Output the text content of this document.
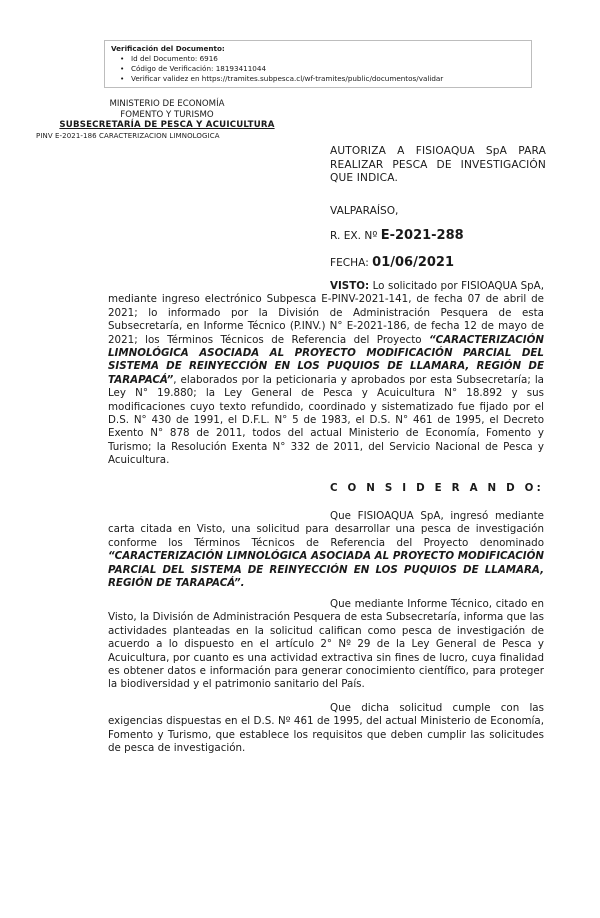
Verificación del Documento:
• Id del Documento: 6916
• Código de Verificación: 18193411044
• Verificar validez en https://tramites.subpesca.cl/wf-tramites/public/documentos/validar
MINISTERIO DE ECONOMÍA
FOMENTO Y TURISMO
SUBSECRETARÍA DE PESCA Y ACUICULTURA
PINV E-2021-186 CARACTERIZACION LIMNOLOGICA
AUTORIZA A FISIOAQUA SpA PARA REALIZAR PESCA DE INVESTIGACIÓN QUE INDICA.
VALPARAÍSO,
R. EX. Nº E-2021-288
FECHA: 01/06/2021

VISTO: Lo solicitado por FISIOAQUA SpA, mediante ingreso electrónico Subpesca E-PINV-2021-141, de fecha 07 de abril de 2021; lo informado por la División de Administración Pesquera de esta Subsecretaría, en Informe Técnico (P.INV.) N° E-2021-186, de fecha 12 de mayo de 2021; los Términos Técnicos de Referencia del Proyecto “CARACTERIZACIÓN LIMNOLÓGICA ASOCIADA AL PROYECTO MODIFICACIÓN PARCIAL DEL SISTEMA DE REINYECCIÓN EN LOS PUQUIOS DE LLAMARA, REGIÓN DE TARAPACÁ”, elaborados por la peticionaria y aprobados por esta Subsecretaría; la Ley N° 19.880; la Ley General de Pesca y Acuicultura N° 18.892 y sus modificaciones cuyo texto refundido, coordinado y sistematizado fue fijado por el D.S. N° 430 de 1991, el D.F.L. N° 5 de 1983, el D.S. N° 461 de 1995, el Decreto Exento N° 878 de 2011, todos del actual Ministerio de Economía, Fomento y Turismo; la Resolución Exenta N° 332 de 2011, del Servicio Nacional de Pesca y Acuicultura.

C O N S I D E R A N D O:

Que FISIOAQUA SpA, ingresó mediante carta citada en Visto, una solicitud para desarrollar una pesca de investigación conforme los Términos Técnicos de Referencia del Proyecto denominado “CARACTERIZACIÓN LIMNOLÓGICA ASOCIADA AL PROYECTO MODIFICACIÓN PARCIAL DEL SISTEMA DE REINYECCIÓN EN LOS PUQUIOS DE LLAMARA, REGIÓN DE TARAPACÁ”.

Que mediante Informe Técnico, citado en Visto, la División de Administración Pesquera de esta Subsecretaría, informa que las actividades planteadas en la solicitud califican como pesca de investigación de acuerdo a lo dispuesto en el artículo 2° Nº 29 de la Ley General de Pesca y Acuicultura, por cuanto es una actividad extractiva sin fines de lucro, cuya finalidad es obtener datos e información para generar conocimiento científico, para proteger la biodiversidad y el patrimonio sanitario del País.

Que dicha solicitud cumple con las exigencias dispuestas en el D.S. Nº 461 de 1995, del actual Ministerio de Economía, Fomento y Turismo, que establece los requisitos que deben cumplir las solicitudes de pesca de investigación.
